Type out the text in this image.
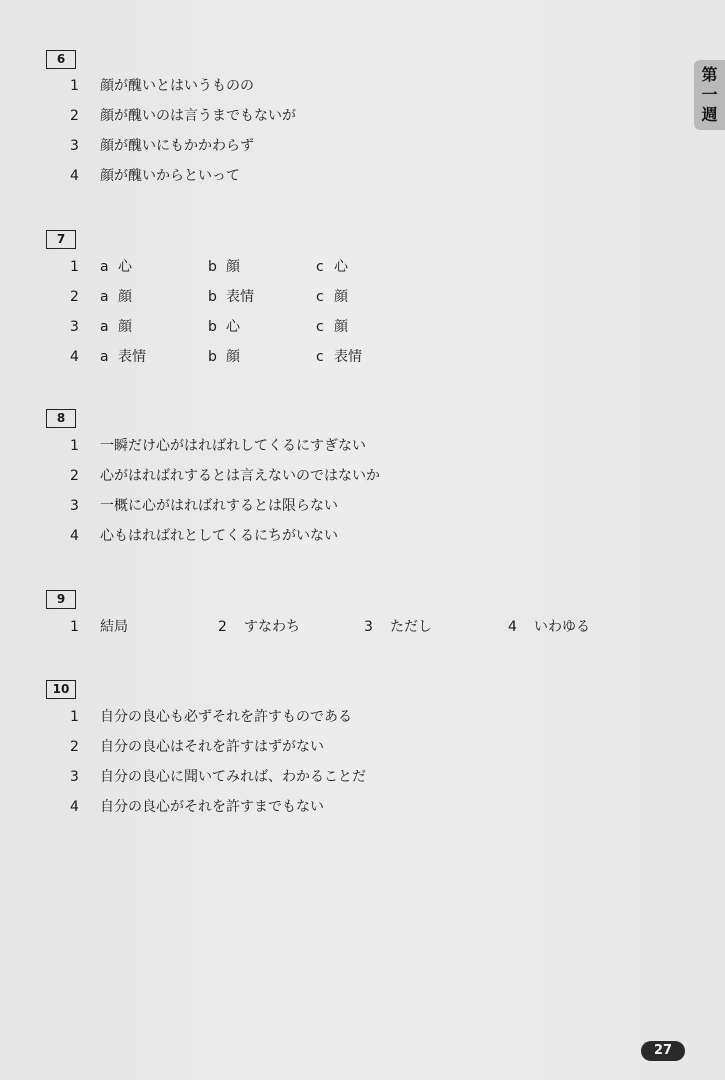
第
一
週
6
1 顔が醜いとはいうものの
2 顔が醜いのは言うまでもないが
3 顔が醜いにもかかわらず
4 顔が醜いからといって
7
1 a 心	b 顔	c 心
2 a 顔	b 表情	c 顔
3 a 顔	b 心	c 顔
4 a 表情	b 顔	c 表情
8
1 一瞬だけ心がはればれしてくるにすぎない
2 心がはればれするとは言えないのではないか
3 一概に心がはればれするとは限らない
4 心もはればれとしてくるにちがいない
9
1 結局	2 すなわち	3 ただし	4 いわゆる
10
1 自分の良心も必ずそれを許すものである
2 自分の良心はそれを許すはずがない
3 自分の良心に聞いてみれば、わかることだ
4 自分の良心がそれを許すまでもない
27
